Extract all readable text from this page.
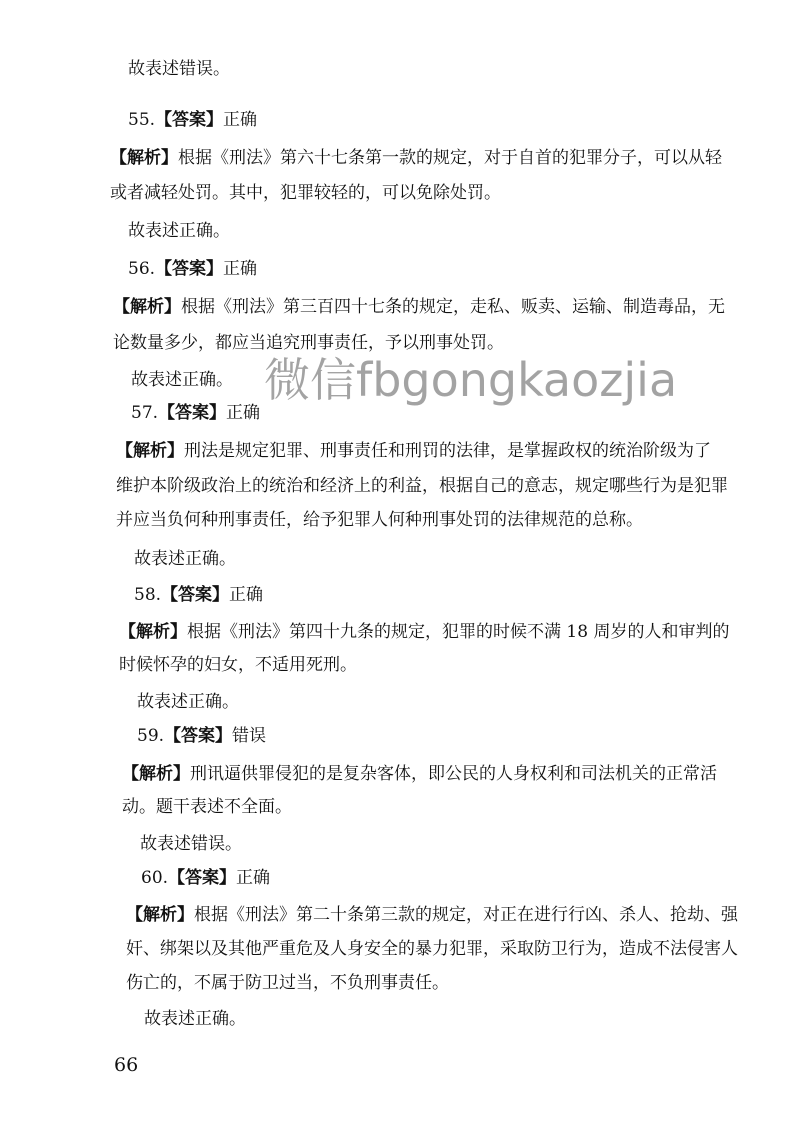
故表述错误。
55.【答案】正确
【解析】根据《刑法》第六十七条第一款的规定，对于自首的犯罪分子，可以从轻
或者减轻处罚。其中，犯罪较轻的，可以免除处罚。
故表述正确。
56.【答案】正确
【解析】根据《刑法》第三百四十七条的规定，走私、贩卖、运输、制造毒品，无
论数量多少，都应当追究刑事责任，予以刑事处罚。
故表述正确。
57.【答案】正确
【解析】刑法是规定犯罪、刑事责任和刑罚的法律，是掌握政权的统治阶级为了
维护本阶级政治上的统治和经济上的利益，根据自己的意志，规定哪些行为是犯罪
并应当负何种刑事责任，给予犯罪人何种刑事处罚的法律规范的总称。
故表述正确。
58.【答案】正确
【解析】根据《刑法》第四十九条的规定，犯罪的时候不满 18 周岁的人和审判的
时候怀孕的妇女，不适用死刑。
故表述正确。
59.【答案】错误
【解析】刑讯逼供罪侵犯的是复杂客体，即公民的人身权利和司法机关的正常活
动。题干表述不全面。
故表述错误。
60.【答案】正确
【解析】根据《刑法》第二十条第三款的规定，对正在进行行凶、杀人、抢劫、强
奸、绑架以及其他严重危及人身安全的暴力犯罪，采取防卫行为，造成不法侵害人
伤亡的，不属于防卫过当，不负刑事责任。
故表述正确。
微信fbgongkaozjia
66
